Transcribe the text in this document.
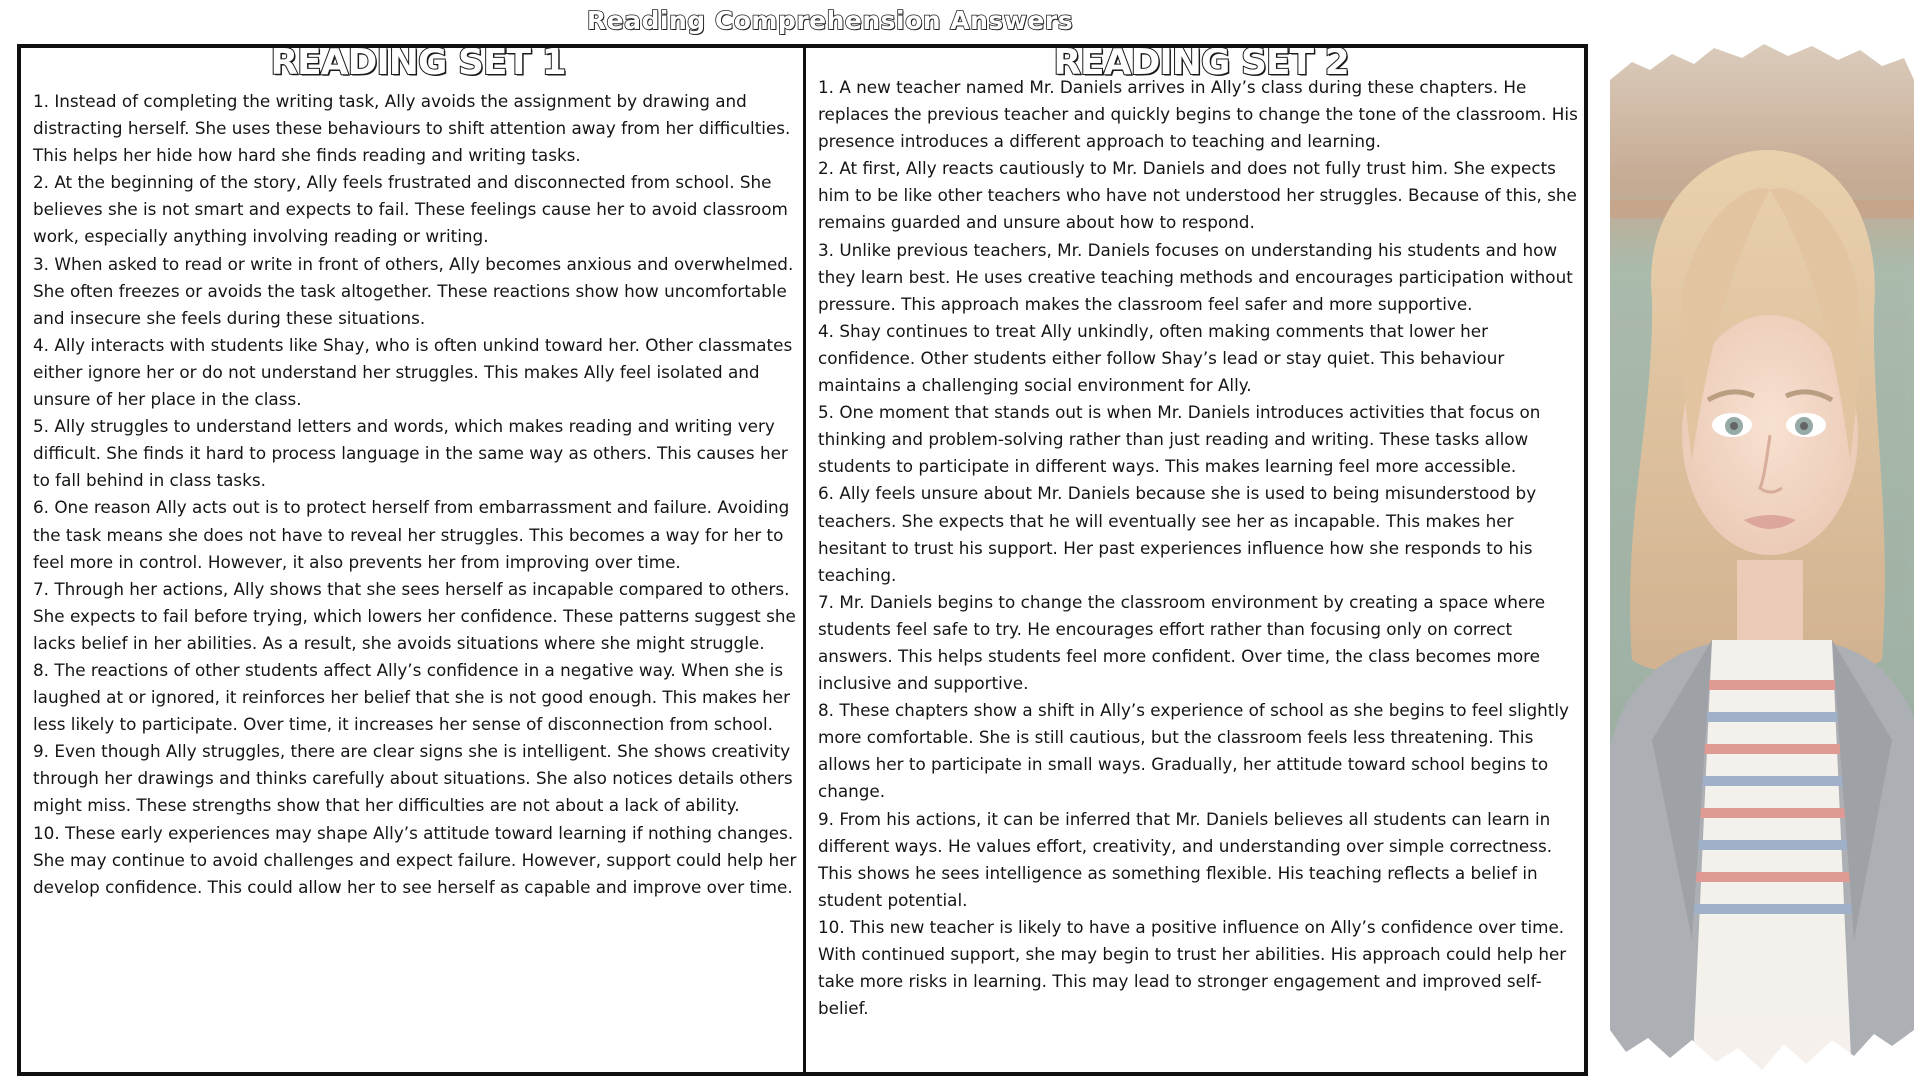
Reading Comprehension Answers
READING SET 1

1. Instead of completing the writing task, Ally avoids the assignment by drawing and distracting herself. She uses these behaviours to shift attention away from her difficulties. This helps her hide how hard she finds reading and writing tasks.

2. At the beginning of the story, Ally feels frustrated and disconnected from school. She believes she is not smart and expects to fail. These feelings cause her to avoid classroom work, especially anything involving reading or writing.

3. When asked to read or write in front of others, Ally becomes anxious and overwhelmed. She often freezes or avoids the task altogether. These reactions show how uncomfortable and insecure she feels during these situations.

4. Ally interacts with students like Shay, who is often unkind toward her. Other classmates either ignore her or do not understand her struggles. This makes Ally feel isolated and unsure of her place in the class.

5. Ally struggles to understand letters and words, which makes reading and writing very difficult. She finds it hard to process language in the same way as others. This causes her to fall behind in class tasks.

6. One reason Ally acts out is to protect herself from embarrassment and failure. Avoiding the task means she does not have to reveal her struggles. This becomes a way for her to feel more in control. However, it also prevents her from improving over time.

7. Through her actions, Ally shows that she sees herself as incapable compared to others. She expects to fail before trying, which lowers her confidence. These patterns suggest she lacks belief in her abilities. As a result, she avoids situations where she might struggle.

8. The reactions of other students affect Ally’s confidence in a negative way. When she is laughed at or ignored, it reinforces her belief that she is not good enough. This makes her less likely to participate. Over time, it increases her sense of disconnection from school.

9. Even though Ally struggles, there are clear signs she is intelligent. She shows creativity through her drawings and thinks carefully about situations. She also notices details others might miss. These strengths show that her difficulties are not about a lack of ability.

10. These early experiences may shape Ally’s attitude toward learning if nothing changes. She may continue to avoid challenges and expect failure. However, support could help her develop confidence. This could allow her to see herself as capable and improve over time.

READING SET 2

1. A new teacher named Mr. Daniels arrives in Ally’s class during these chapters. He replaces the previous teacher and quickly begins to change the tone of the classroom. His presence introduces a different approach to teaching and learning.

2. At first, Ally reacts cautiously to Mr. Daniels and does not fully trust him. She expects him to be like other teachers who have not understood her struggles. Because of this, she remains guarded and unsure about how to respond.

3. Unlike previous teachers, Mr. Daniels focuses on understanding his students and how they learn best. He uses creative teaching methods and encourages participation without pressure. This approach makes the classroom feel safer and more supportive.

4. Shay continues to treat Ally unkindly, often making comments that lower her confidence. Other students either follow Shay’s lead or stay quiet. This behaviour maintains a challenging social environment for Ally.

5. One moment that stands out is when Mr. Daniels introduces activities that focus on thinking and problem-solving rather than just reading and writing. These tasks allow students to participate in different ways. This makes learning feel more accessible.

6. Ally feels unsure about Mr. Daniels because she is used to being misunderstood by teachers. She expects that he will eventually see her as incapable. This makes her hesitant to trust his support. Her past experiences influence how she responds to his teaching.

7. Mr. Daniels begins to change the classroom environment by creating a space where students feel safe to try. He encourages effort rather than focusing only on correct answers. This helps students feel more confident. Over time, the class becomes more inclusive and supportive.

8. These chapters show a shift in Ally’s experience of school as she begins to feel slightly more comfortable. She is still cautious, but the classroom feels less threatening. This allows her to participate in small ways. Gradually, her attitude toward school begins to change.

9. From his actions, it can be inferred that Mr. Daniels believes all students can learn in different ways. He values effort, creativity, and understanding over simple correctness. This shows he sees intelligence as something flexible. His teaching reflects a belief in student potential.

10. This new teacher is likely to have a positive influence on Ally’s confidence over time. With continued support, she may begin to trust her abilities. His approach could help her take more risks in learning. This may lead to stronger engagement and improved self-belief.
